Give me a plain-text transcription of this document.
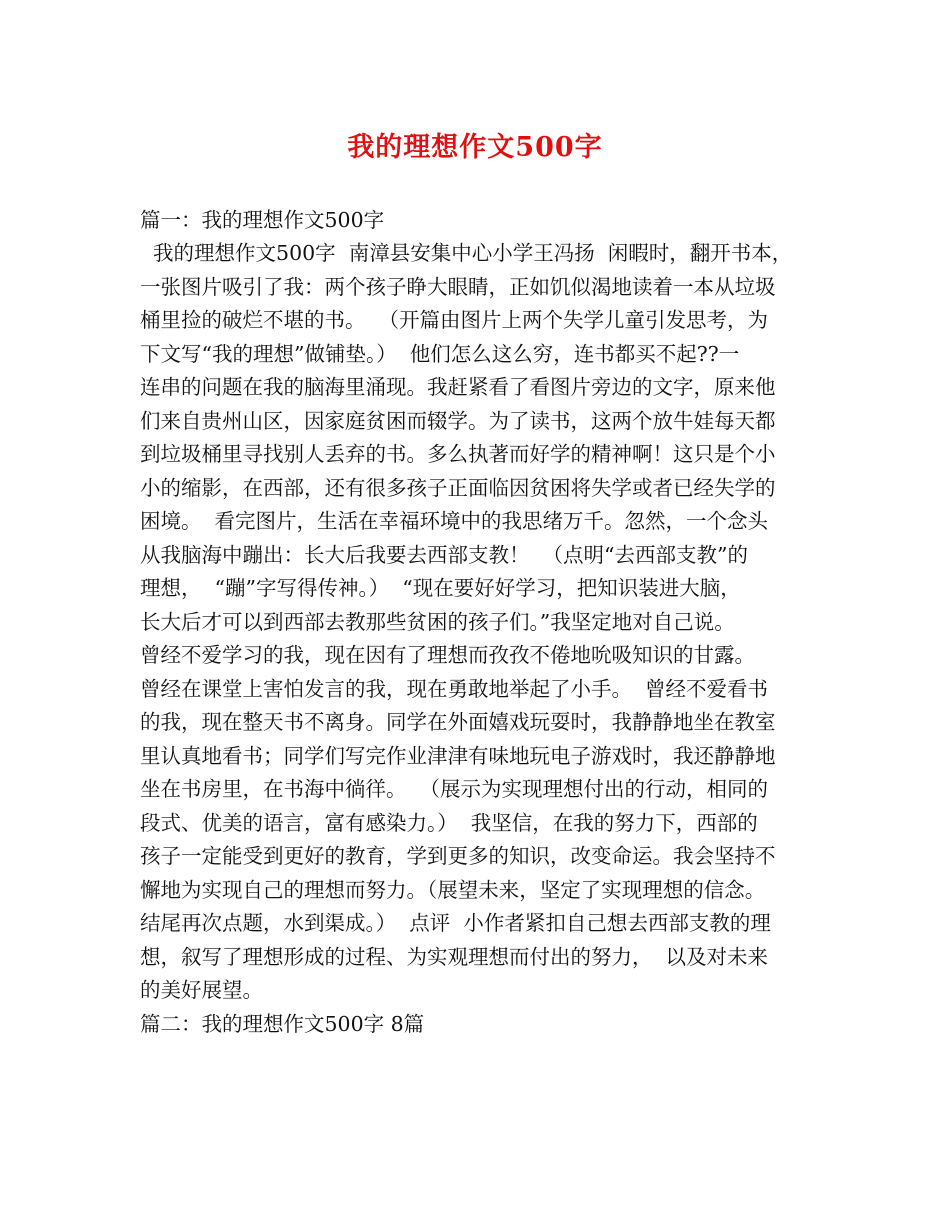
我的理想作文500字
篇一：我的理想作文500字
我的理想作文500字  南漳县安集中心小学王冯扬  闲暇时，翻开书本，
一张图片吸引了我：两个孩子睁大眼睛，正如饥似渴地读着一本从垃圾
桶里捡的破烂不堪的书。  （开篇由图片上两个失学儿童引发思考，为
下文写“我的理想”做铺垫。）  他们怎么这么穷，连书都买不起??一
连串的问题在我的脑海里涌现。我赶紧看了看图片旁边的文字，原来他
们来自贵州山区，因家庭贫困而辍学。为了读书，这两个放牛娃每天都
到垃圾桶里寻找别人丢弃的书。多么执著而好学的精神啊！这只是个小
小的缩影，在西部，还有很多孩子正面临因贫困将失学或者已经失学的
困境。  看完图片，生活在幸福环境中的我思绪万千。忽然，一个念头
从我脑海中蹦出：长大后我要去西部支教！  （点明“去西部支教”的
理想，  “蹦”字写得传神。）  “现在要好好学习，把知识装进大脑，
长大后才可以到西部去教那些贫困的孩子们。”我坚定地对自己说。
曾经不爱学习的我，现在因有了理想而孜孜不倦地吮吸知识的甘露。
曾经在课堂上害怕发言的我，现在勇敢地举起了小手。  曾经不爱看书
的我，现在整天书不离身。同学在外面嬉戏玩耍时，我静静地坐在教室
里认真地看书；同学们写完作业津津有味地玩电子游戏时，我还静静地
坐在书房里，在书海中徜徉。  （展示为实现理想付出的行动，相同的
段式、优美的语言，富有感染力。）  我坚信，在我的努力下，西部的
孩子一定能受到更好的教育，学到更多的知识，改变命运。我会坚持不
懈地为实现自己的理想而努力。（展望未来，坚定了实现理想的信念。
结尾再次点题，水到渠成。）  点评  小作者紧扣自己想去西部支教的理
想，叙写了理想形成的过程、为实观理想而付出的努力，  以及对未来
的美好展望。
篇二：我的理想作文500字 8篇
